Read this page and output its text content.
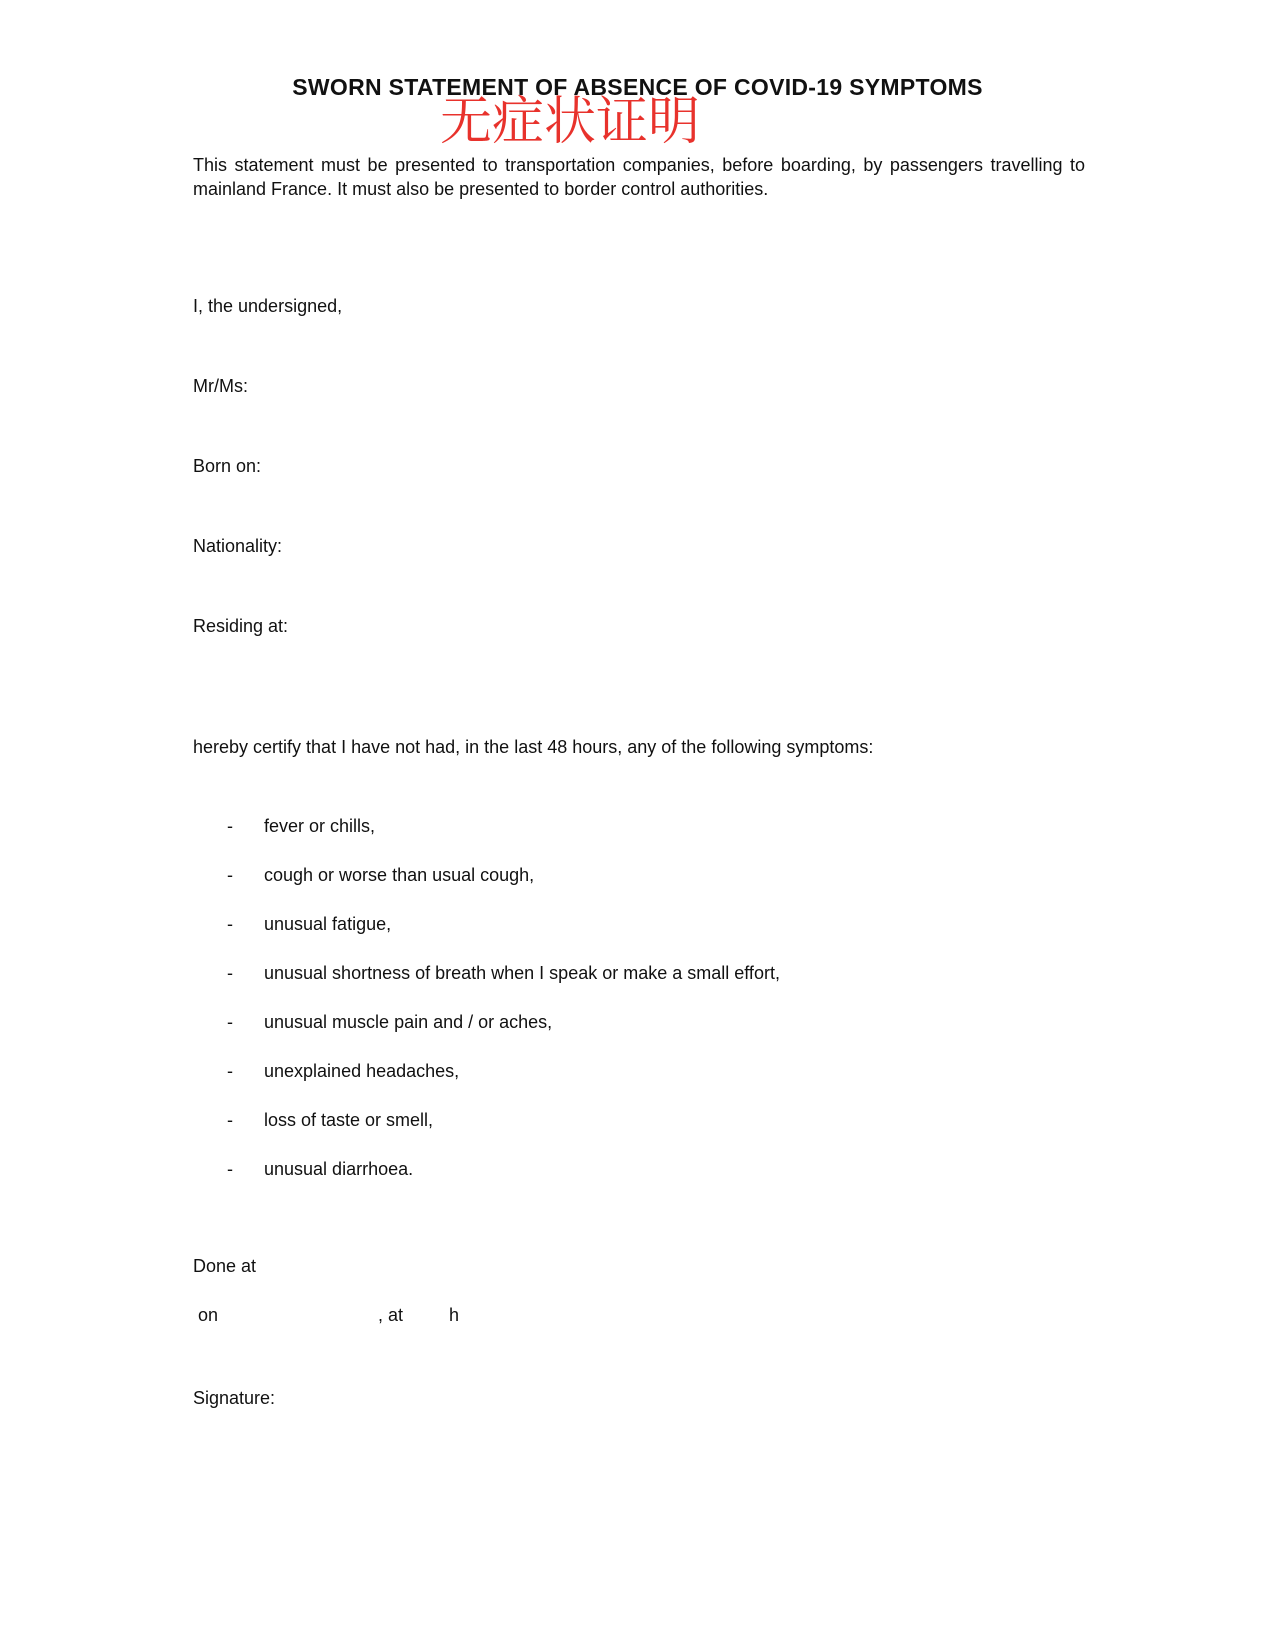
SWORN STATEMENT OF ABSENCE OF COVID-19 SYMPTOMS
无症状证明
This statement must be presented to transportation companies, before boarding, by passengers travelling to mainland France. It must also be presented to border control authorities.
I, the undersigned,
Mr/Ms:
Born on:
Nationality:
Residing at:
hereby certify that I have not had, in the last 48 hours, any of the following symptoms:
- fever or chills,
- cough or worse than usual cough,
- unusual fatigue,
- unusual shortness of breath when I speak or make a small effort,
- unusual muscle pain and / or aches,
- unexplained headaches,
- loss of taste or smell,
- unusual diarrhoea.
Done at
on	, at	h
Signature:
